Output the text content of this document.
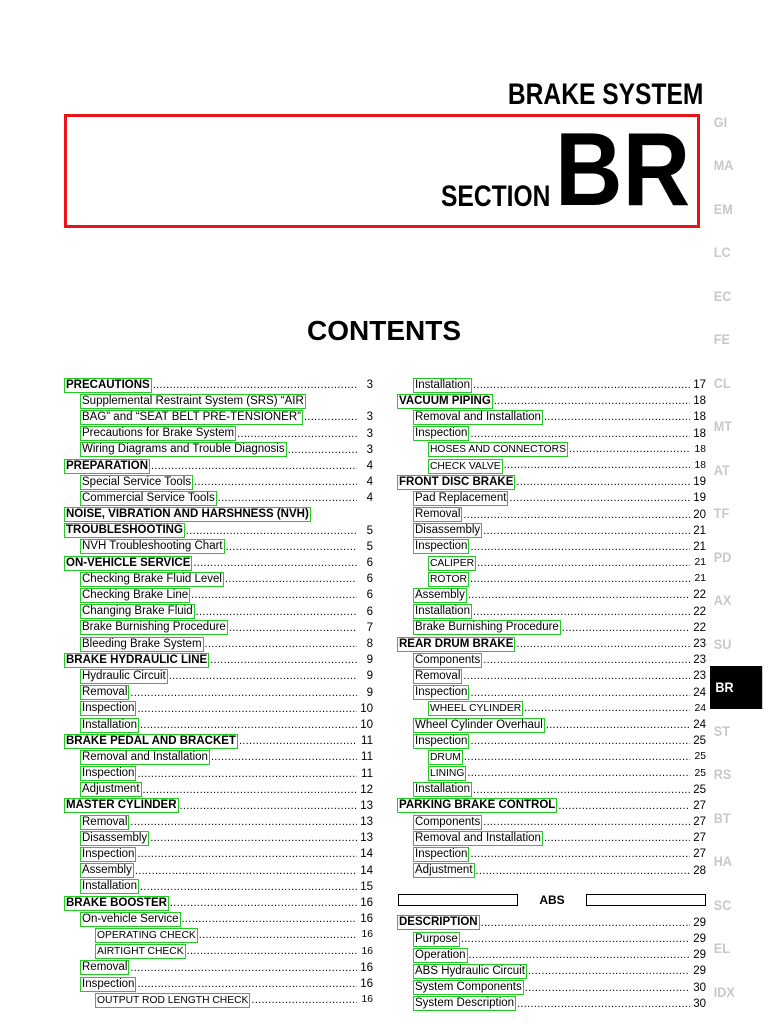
BRAKE SYSTEM
SECTION BR
CONTENTS
PRECAUTIONS .....	3
Supplemental Restraint System (SRS) “AIR
BAG” and “SEAT BELT PRE-TENSIONER” .....	3
Precautions for Brake System .....	3
Wiring Diagrams and Trouble Diagnosis .....	3
PREPARATION .....	4
Special Service Tools .....	4
Commercial Service Tools .....	4
NOISE, VIBRATION AND HARSHNESS (NVH)
TROUBLESHOOTING .....	5
NVH Troubleshooting Chart .....	5
ON-VEHICLE SERVICE .....	6
Checking Brake Fluid Level .....	6
Checking Brake Line .....	6
Changing Brake Fluid .....	6
Brake Burnishing Procedure .....	7
Bleeding Brake System .....	8
BRAKE HYDRAULIC LINE .....	9
Hydraulic Circuit .....	9
Removal .....	9
Inspection .....	10
Installation .....	10
BRAKE PEDAL AND BRACKET .....	11
Removal and Installation .....	11
Inspection .....	11
Adjustment .....	12
MASTER CYLINDER .....	13
Removal .....	13
Disassembly .....	13
Inspection .....	14
Assembly .....	14
Installation .....	15
BRAKE BOOSTER .....	16
On-vehicle Service .....	16
OPERATING CHECK .....	16
AIRTIGHT CHECK .....	16
Removal .....	16
Inspection .....	16
OUTPUT ROD LENGTH CHECK .....	16
Installation .....	17
VACUUM PIPING .....	18
Removal and Installation .....	18
Inspection .....	18
HOSES AND CONNECTORS .....	18
CHECK VALVE .....	18
FRONT DISC BRAKE .....	19
Pad Replacement .....	19
Removal .....	20
Disassembly .....	21
Inspection .....	21
CALIPER .....	21
ROTOR .....	21
Assembly .....	22
Installation .....	22
Brake Burnishing Procedure .....	22
REAR DRUM BRAKE .....	23
Components .....	23
Removal .....	23
Inspection .....	24
WHEEL CYLINDER .....	24
Wheel Cylinder Overhaul .....	24
Inspection .....	25
DRUM .....	25
LINING .....	25
Installation .....	25
PARKING BRAKE CONTROL .....	27
Components .....	27
Removal and Installation .....	27
Inspection .....	27
Adjustment .....	28
ABS
DESCRIPTION .....	29
Purpose .....	29
Operation .....	29
ABS Hydraulic Circuit .....	29
System Components .....	30
System Description .....	30
GI
MA
EM
LC
EC
FE
CL
MT
AT
TF
PD
AX
SU
BR
ST
RS
BT
HA
SC
EL
IDX
